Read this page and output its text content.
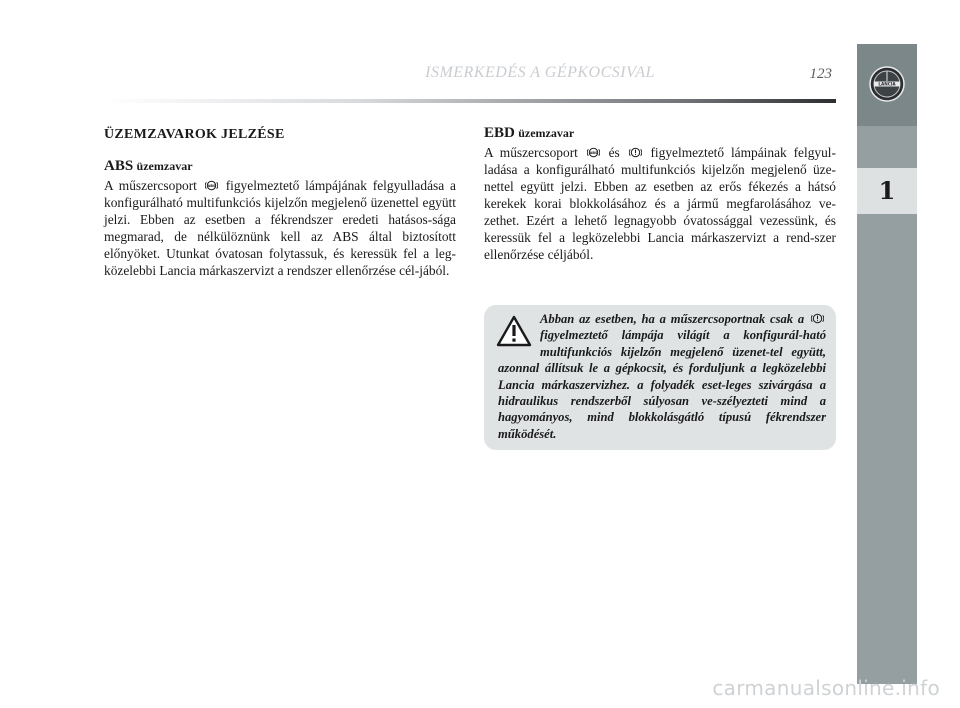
ISMERKEDÉS A GÉPKOCSIVAL	123
LANCIA
1
ÜZEMZAVAROK JELZÉSE
ABS üzemzavar

A műszercsoport	ABS figyelmeztető lámpájának felgyulladása a konfigurálható multifunkciós kijelzőn megjelenő üzenettel együtt jelzi. Ebben az esetben a fékrendszer eredeti hatásos-sága megmarad, de nélkülöznünk kell az ABS által biztosított előnyöket. Utunkat óvatosan folytassuk, és keressük fel a leg-közelebbi Lancia márkaszervizt a rendszer ellenőrzése cél-jából.

EBD üzemzavar

A műszercsoport	ABS és figyelmeztető lámpáinak felgyul-ladása a konfigurálható multifunkciós kijelzőn megjelenő üze-nettel együtt jelzi. Ebben az esetben az erős fékezés a hátsó kerekek korai blokkolásához és a jármű megfarolásához ve-zethet. Ezért a lehető legnagyobb óvatossággal vezessünk, és keressük fel a legközelebbi Lancia márkaszervizt a rend-szer ellenőrzése céljából.

Abban az esetben, ha a műszercsoportnak csak a  figyelmeztető lámpája világít a konfigurál-ható multifunkciós kijelzőn megjelenő üzenet-tel együtt, azonnal állítsuk le a gépkocsit, és forduljunk a legközelebbi Lancia márkaszervizhez. a folyadék eset-leges szivárgása a hidraulikus rendszerből súlyosan ve-szélyezteti mind a hagyományos, mind blokkolásgátló típusú fékrendszer működését.
carmanualsonline.info
